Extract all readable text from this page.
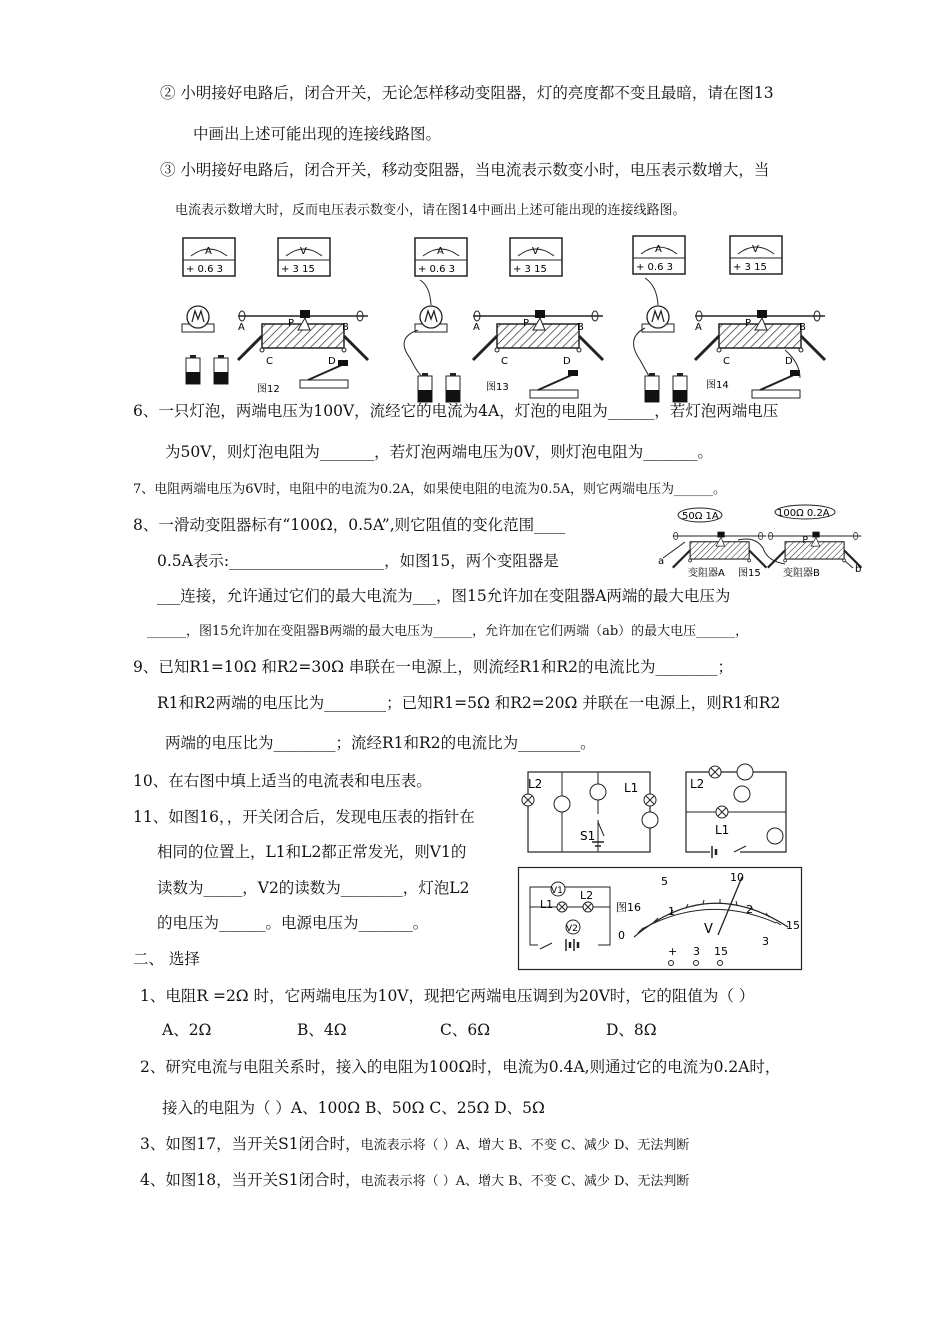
② 小明接好电路后，闭合开关，无论怎样移动变阻器，灯的亮度都不变且最暗，请在图13
中画出上述可能出现的连接线路图。
③ 小明接好电路后，闭合开关，移动变阻器，当电流表示数变小时，电压表示数增大，当
电流表示数增大时，反而电压表示数变小，请在图14中画出上述可能出现的连接线路图。
A
+ 0.6 3
V
+ 3 15
A	B
C	D
P
图12
A
+ 0.6 3
V
+ 3 15
A	B
C	D
P
图13
A
+ 0.6 3
V
+ 3 15
A	B
C	D
P
图14
6、一只灯泡，两端电压为100V，流经它的电流为4A，灯泡的电阻为______，若灯泡两端电压
为50V，则灯泡电阻为_______，若灯泡两端电压为0V，则灯泡电阻为_______。
7、电阻两端电压为6V时，电阻中的电流为0.2A，如果使电阻的电流为0.5A，则它两端电压为______。
8、一滑动变阻器标有“100Ω，0.5A”,则它阻值的变化范围____
0.5A表示:____________________，如图15，两个变阻器是
___连接，允许通过它们的最大电流为___，图15允许加在变阻器A两端的最大电压为
______，图15允许加在变阻器B两端的最大电压为______，允许加在它们两端（ab）的最大电压______，
50Ω 1A	100Ω 0.2A
P
a
b
变阻器A 图15 变阻器B
9、已知R1=10Ω 和R2=30Ω 串联在一电源上，则流经R1和R2的电流比为________；
R1和R2两端的电压比为________；已知R1=5Ω 和R2=20Ω 并联在一电源上，则R1和R2
两端的电压比为________；流经R1和R2的电流比为________。
10、在右图中填上适当的电流表和电压表。
11、如图16，，开关闭合后，发现电压表的指针在
相同的位置上，L1和L2都正常发光，则V1的
读数为_____，V2的读数为________，灯泡L2
的电压为______。电源电压为_______。
二、 选择
L2
S1
L1	L2
L1
V1
L1
L2
V2
图16
0
1
5	10
2
15
3
V
+ 3 15
1、电阻R =2Ω 时，它两端电压为10V，现把它两端电压调到为20V时，它的阻值为（ ）
A、2Ω	B、4Ω	C、6Ω	D、8Ω
2、研究电流与电阻关系时，接入的电阻为100Ω时，电流为0.4A,则通过它的电流为0.2A时，
接入的电阻为（ ）A、100Ω B、50Ω C、25Ω D、5Ω
3、如图17，当开关S1闭合时，电流表示将（ ）A、增大 B、不变 C、减少 D、无法判断
4、如图18，当开关S1闭合时，电流表示将（ ）A、增大 B、不变 C、减少 D、无法判断
